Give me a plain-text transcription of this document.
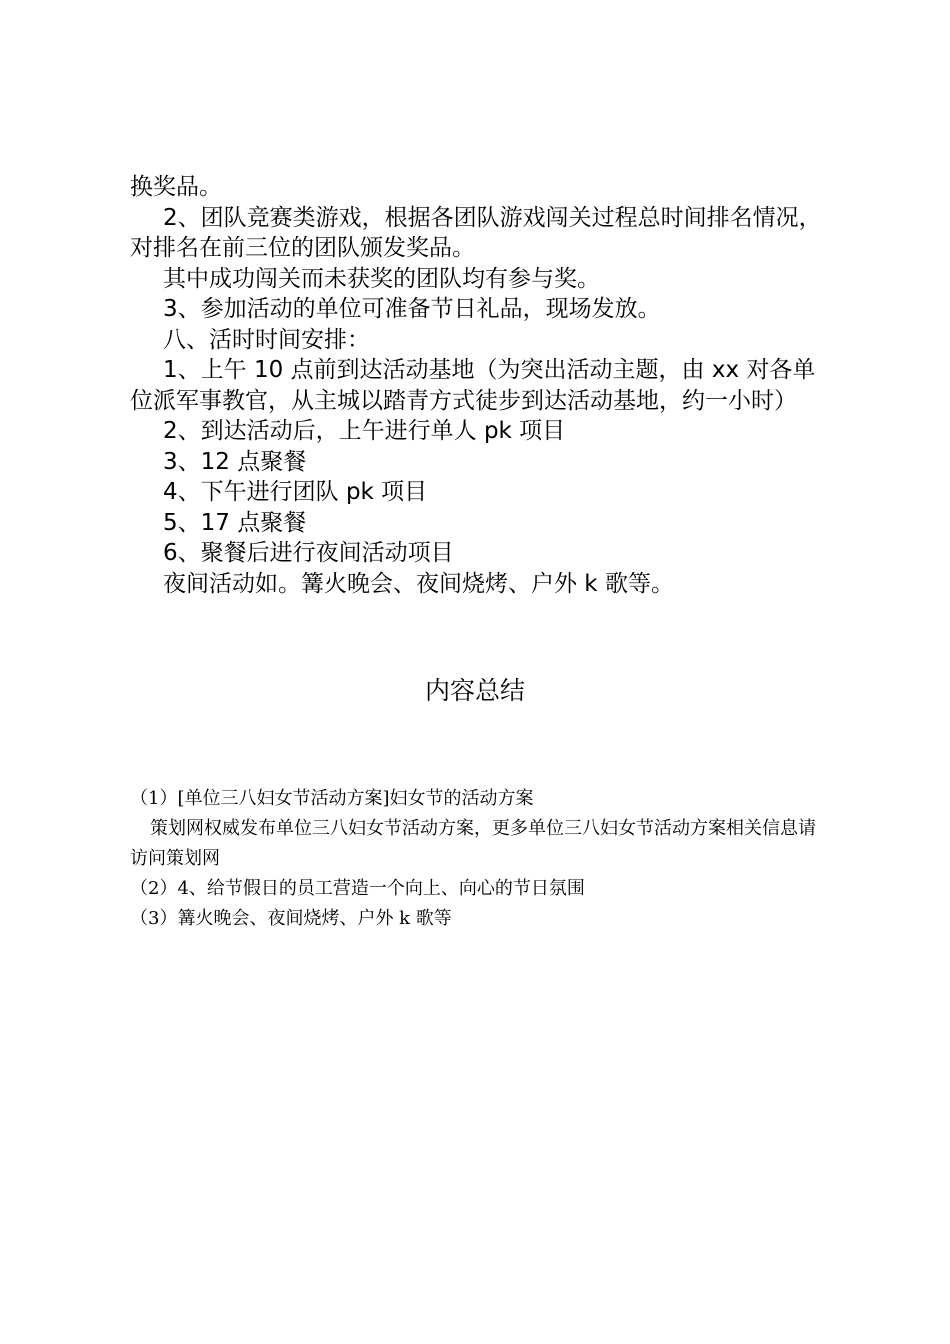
换奖品。

2、团队竞赛类游戏，根据各团队游戏闯关过程总时间排名情况，对排名在前三位的团队颁发奖品。

其中成功闯关而未获奖的团队均有参与奖。

3、参加活动的单位可准备节日礼品，现场发放。

八、活时时间安排：

1、上午 10 点前到达活动基地（为突出活动主题，由 xx 对各单位派军事教官，从主城以踏青方式徒步到达活动基地，约一小时）

2、到达活动后，上午进行单人 pk 项目

3、12 点聚餐

4、下午进行团队 pk 项目

5、17 点聚餐

6、聚餐后进行夜间活动项目

夜间活动如。篝火晚会、夜间烧烤、户外 k 歌等。

内容总结

（1）[单位三八妇女节活动方案]妇女节的活动方案

策划网权威发布单位三八妇女节活动方案，更多单位三八妇女节活动方案相关信息请访问策划网

（2）4、给节假日的员工营造一个向上、向心的节日氛围

（3）篝火晚会、夜间烧烤、户外 k 歌等
